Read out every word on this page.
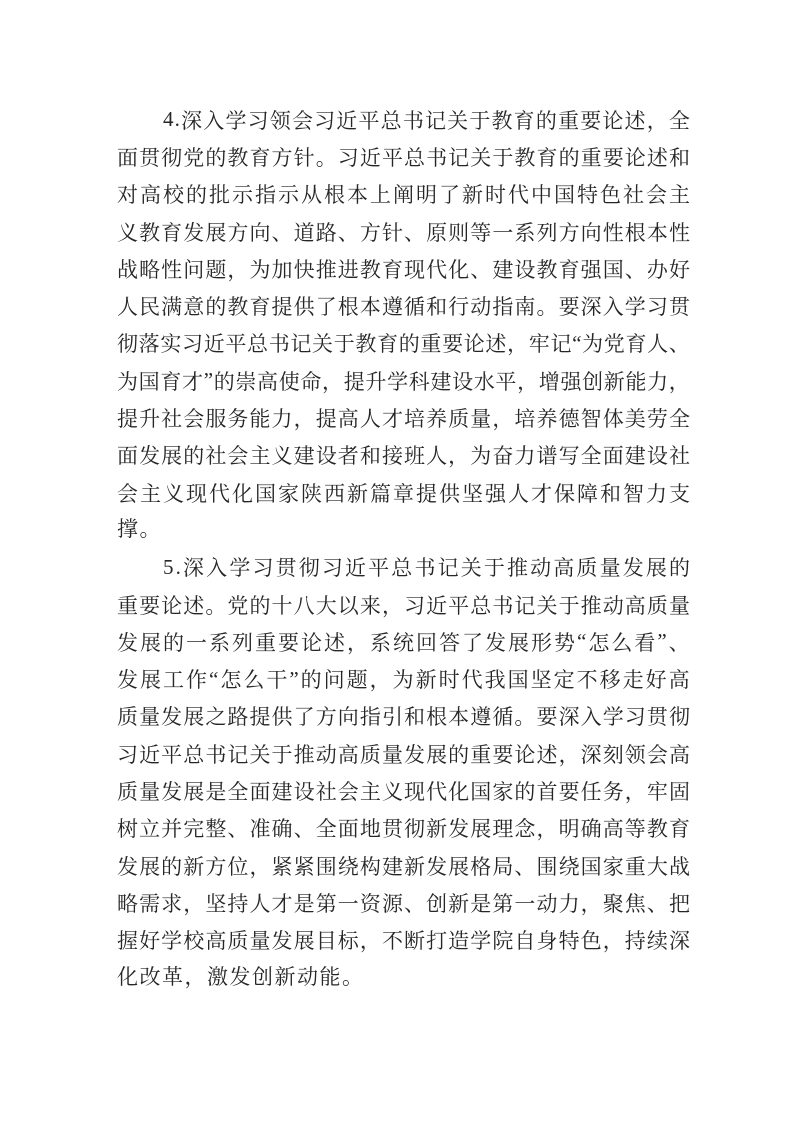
4 . 深 入 学 习 领 会 习 近 平 总 书 记 关 于 教 育 的 重 要 论 述 ， 全
面 贯 彻 党 的 教 育 方 针 。 习 近 平 总 书 记 关 于 教 育 的 重 要 论 述 和
对 高 校 的 批 示 指 示 从 根 本 上 阐 明 了 新 时 代 中 国 特 色 社 会 主
义 教 育 发 展 方 向 、 道 路 、 方 针 、 原 则 等 一 系 列 方 向 性 根 本 性
战 略 性 问 题 ， 为 加 快 推 进 教 育 现 代 化 、 建 设 教 育 强 国 、 办 好
人 民 满 意 的 教 育 提 供 了 根 本 遵 循 和 行 动 指 南 。 要 深 入 学 习 贯
彻 落 实 习 近 平 总 书 记 关 于 教 育 的 重 要 论 述 ， 牢 记 “ 为 党 育 人 、
为 国 育 才 ” 的 崇 高 使 命 ， 提 升 学 科 建 设 水 平 ， 增 强 创 新 能 力 ，
提 升 社 会 服 务 能 力 ， 提 高 人 才 培 养 质 量 ， 培 养 德 智 体 美 劳 全
面 发 展 的 社 会 主 义 建 设 者 和 接 班 人 ， 为 奋 力 谱 写 全 面 建 设 社
会 主 义 现 代 化 国 家 陕 西 新 篇 章 提 供 坚 强 人 才 保 障 和 智 力 支
撑。
5 . 深 入 学 习 贯 彻 习 近 平 总 书 记 关 于 推 动 高 质 量 发 展 的
重 要 论 述 。 党 的 十 八 大 以 来 ， 习 近 平 总 书 记 关 于 推 动 高 质 量
发 展 的 一 系 列 重 要 论 述 ， 系 统 回 答 了 发 展 形 势 “ 怎 么 看 ” 、
发 展 工 作 “ 怎 么 干 ” 的 问 题 ， 为 新 时 代 我 国 坚 定 不 移 走 好 高
质 量 发 展 之 路 提 供 了 方 向 指 引 和 根 本 遵 循 。 要 深 入 学 习 贯 彻
习 近 平 总 书 记 关 于 推 动 高 质 量 发 展 的 重 要 论 述 ， 深 刻 领 会 高
质 量 发 展 是 全 面 建 设 社 会 主 义 现 代 化 国 家 的 首 要 任 务 ， 牢 固
树 立 并 完 整 、 准 确 、 全 面 地 贯 彻 新 发 展 理 念 ， 明 确 高 等 教 育
发 展 的 新 方 位 ， 紧 紧 围 绕 构 建 新 发 展 格 局 、 围 绕 国 家 重 大 战
略 需 求 ， 坚 持 人 才 是 第 一 资 源 、 创 新 是 第 一 动 力 ， 聚 焦 、 把
握 好 学 校 高 质 量 发 展 目 标 ， 不 断 打 造 学 院 自 身 特 色 ， 持 续 深
化改革，激发创新动能。
